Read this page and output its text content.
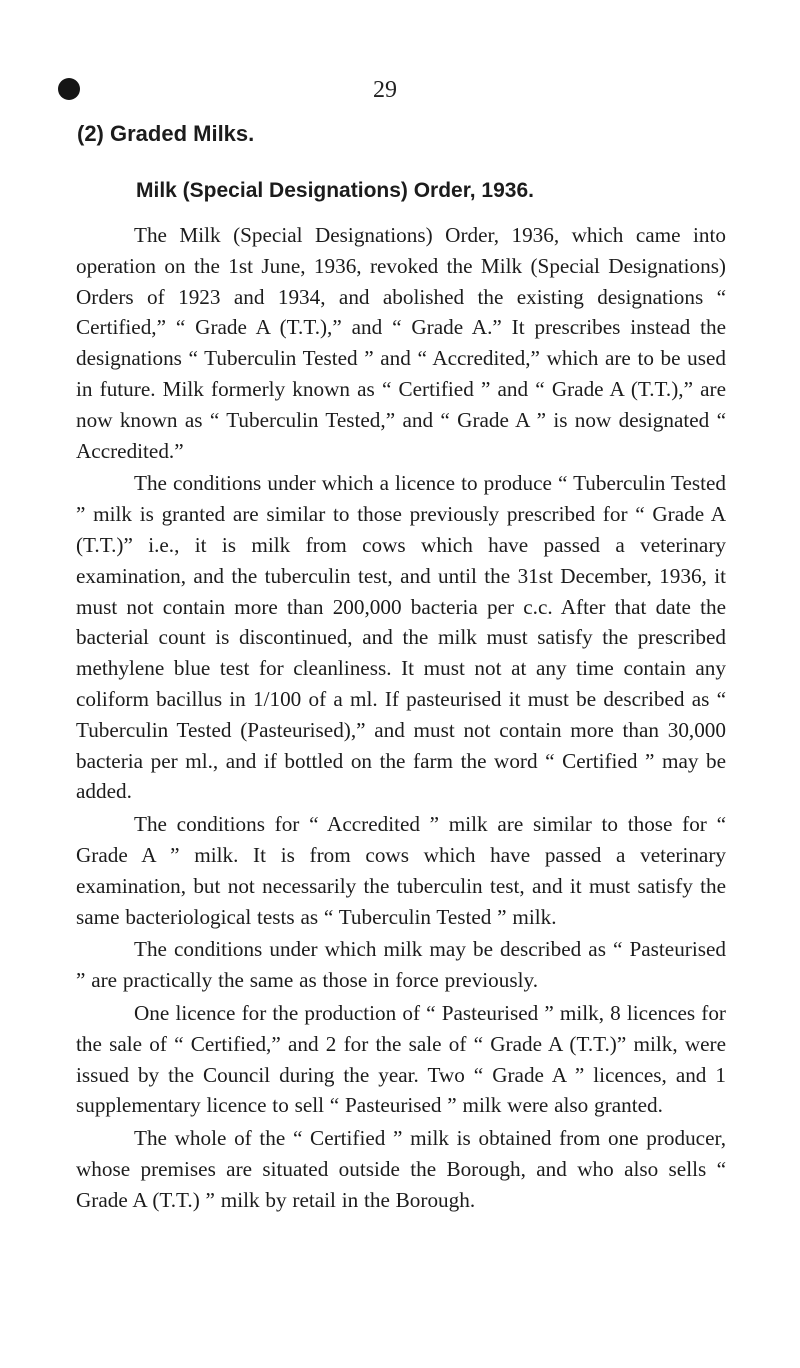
29
(2) Graded Milks.
Milk (Special Designations) Order, 1936.

The Milk (Special Designations) Order, 1936, which came into operation on the 1st June, 1936, revoked the Milk (Special Designations) Orders of 1923 and 1934, and abolished the existing designations “ Certified,” “ Grade A (T.T.),” and “ Grade A.” It prescribes instead the designations “ Tuberculin Tested ” and “ Accredited,” which are to be used in future. Milk formerly known as “ Certified ” and “ Grade A (T.T.),” are now known as “ Tuberculin Tested,” and “ Grade A ” is now designated “ Accredited.”

The conditions under which a licence to produce “ Tuberculin Tested ” milk is granted are similar to those previously prescribed for “ Grade A (T.T.)” i.e., it is milk from cows which have passed a veterinary examination, and the tuberculin test, and until the 31st December, 1936, it must not contain more than 200,000 bacteria per c.c. After that date the bacterial count is discontinued, and the milk must satisfy the prescribed methylene blue test for cleanliness. It must not at any time contain any coliform bacillus in 1/100 of a ml. If pasteurised it must be described as “ Tuberculin Tested (Pasteurised),” and must not contain more than 30,000 bacteria per ml., and if bottled on the farm the word “ Certified ” may be added.

The conditions for “ Accredited ” milk are similar to those for “ Grade A ” milk. It is from cows which have passed a veterinary examination, but not necessarily the tuberculin test, and it must satisfy the same bacteriological tests as “ Tuberculin Tested ” milk.

The conditions under which milk may be described as “ Pasteurised ” are practically the same as those in force previously.

One licence for the production of “ Pasteurised ” milk, 8 licences for the sale of “ Certified,” and 2 for the sale of “ Grade A (T.T.)” milk, were issued by the Council during the year. Two “ Grade A ” licences, and 1 supplementary licence to sell “ Pasteurised ” milk were also granted.

The whole of the “ Certified ” milk is obtained from one producer, whose premises are situated outside the Borough, and who also sells “ Grade A (T.T.) ” milk by retail in the Borough.
